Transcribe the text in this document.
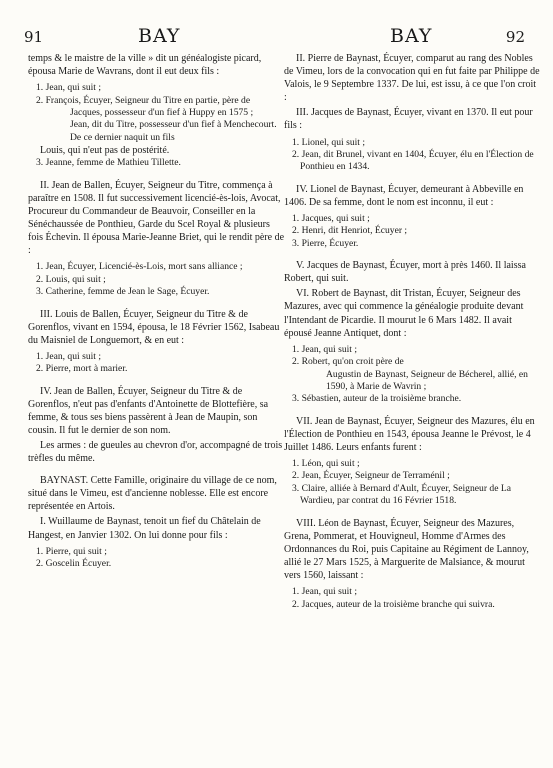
91	BAY	BAY	92

temps & le maistre de la ville » dit un généalogiste picard, épousa Marie de Wavrans, dont il eut deux fils :

1. Jean, qui suit ;

2. François, Écuyer, Seigneur du Titre en partie, père de

Jacques, possesseur d'un fief à Huppy en 1575 ;

Jean, dit du Titre, possesseur d'un fief à Menchecourt. De ce dernier naquit un fils

Louis, qui n'eut pas de postérité.

3. Jeanne, femme de Mathieu Tillette.

II. Jean de Ballen, Écuyer, Seigneur du Titre, commença à paraître en 1508. Il fut successivement licencié-ès-lois, Avocat, Procureur du Commandeur de Beauvoir, Conseiller en la Sénéchaussée de Ponthieu, Garde du Scel Royal & plusieurs fois Échevin. Il épousa Marie-Jeanne Briet, qui le rendit père de :

1. Jean, Écuyer, Licencié-ès-Lois, mort sans alliance ;

2. Louis, qui suit ;

3. Catherine, femme de Jean le Sage, Écuyer.

III. Louis de Ballen, Écuyer, Seigneur du Titre & de Gorenflos, vivant en 1594, épousa, le 18 Février 1562, Isabeau du Maisniel de Longuemort, & en eut :

1. Jean, qui suit ;

2. Pierre, mort à marier.

IV. Jean de Ballen, Écuyer, Seigneur du Titre & de Gorenflos, n'eut pas d'enfants d'Antoinette de Blottefière, sa femme, & tous ses biens passèrent à Jean de Maupin, son cousin. Il fut le dernier de son nom.

Les armes : de gueules au chevron d'or, accompagné de trois trèfles du même.

BAYNAST. Cette Famille, originaire du village de ce nom, situé dans le Vimeu, est d'ancienne noblesse. Elle est encore représentée en Artois.

I. Wuillaume de Baynast, tenoit un fief du Châtelain de Hangest, en Janvier 1302. On lui donne pour fils :

1. Pierre, qui suit ;

2. Goscelin Écuyer.

II. Pierre de Baynast, Écuyer, comparut au rang des Nobles de Vimeu, lors de la convocation qui en fut faite par Philippe de Valois, le 9 Septembre 1337. De lui, est issu, à ce que l'on croit :

III. Jacques de Baynast, Écuyer, vivant en 1370. Il eut pour fils :

1. Lionel, qui suit ;

2. Jean, dit Brunel, vivant en 1404, Écuyer, élu en l'Élection de Ponthieu en 1434.

IV. Lionel de Baynast, Écuyer, demeurant à Abbeville en 1406. De sa femme, dont le nom est inconnu, il eut :

1. Jacques, qui suit ;

2. Henri, dit Henriot, Écuyer ;

3. Pierre, Écuyer.

V. Jacques de Baynast, Écuyer, mort à près 1460. Il laissa Robert, qui suit.

VI. Robert de Baynast, dit Tristan, Écuyer, Seigneur des Mazures, avec qui commence la généalogie produite devant l'Intendant de Picardie. Il mourut le 6 Mars 1482. Il avait épousé Jeanne Antiquet, dont :

1. Jean, qui suit ;

2. Robert, qu'on croit père de

Augustin de Baynast, Seigneur de Bécherel, allié, en 1590, à Marie de Wavrin ;

3. Sébastien, auteur de la troisième branche.

VII. Jean de Baynast, Écuyer, Seigneur des Mazures, élu en l'Élection de Ponthieu en 1543, épousa Jeanne le Prévost, le 4 Juillet 1486. Leurs enfants furent :

1. Léon, qui suit ;

2. Jean, Écuyer, Seigneur de Terraménil ;

3. Claire, alliée à Bernard d'Ault, Écuyer, Seigneur de La Wardieu, par contrat du 16 Février 1518.

VIII. Léon de Baynast, Écuyer, Seigneur des Mazures, Grena, Pommerat, et Houvigneul, Homme d'Armes des Ordonnances du Roi, puis Capitaine au Régiment de Lannoy, allié le 27 Mars 1525, à Marguerite de Malsiance, & mourut vers 1560, laissant :

1. Jean, qui suit ;

2. Jacques, auteur de la troisième branche qui suivra.
